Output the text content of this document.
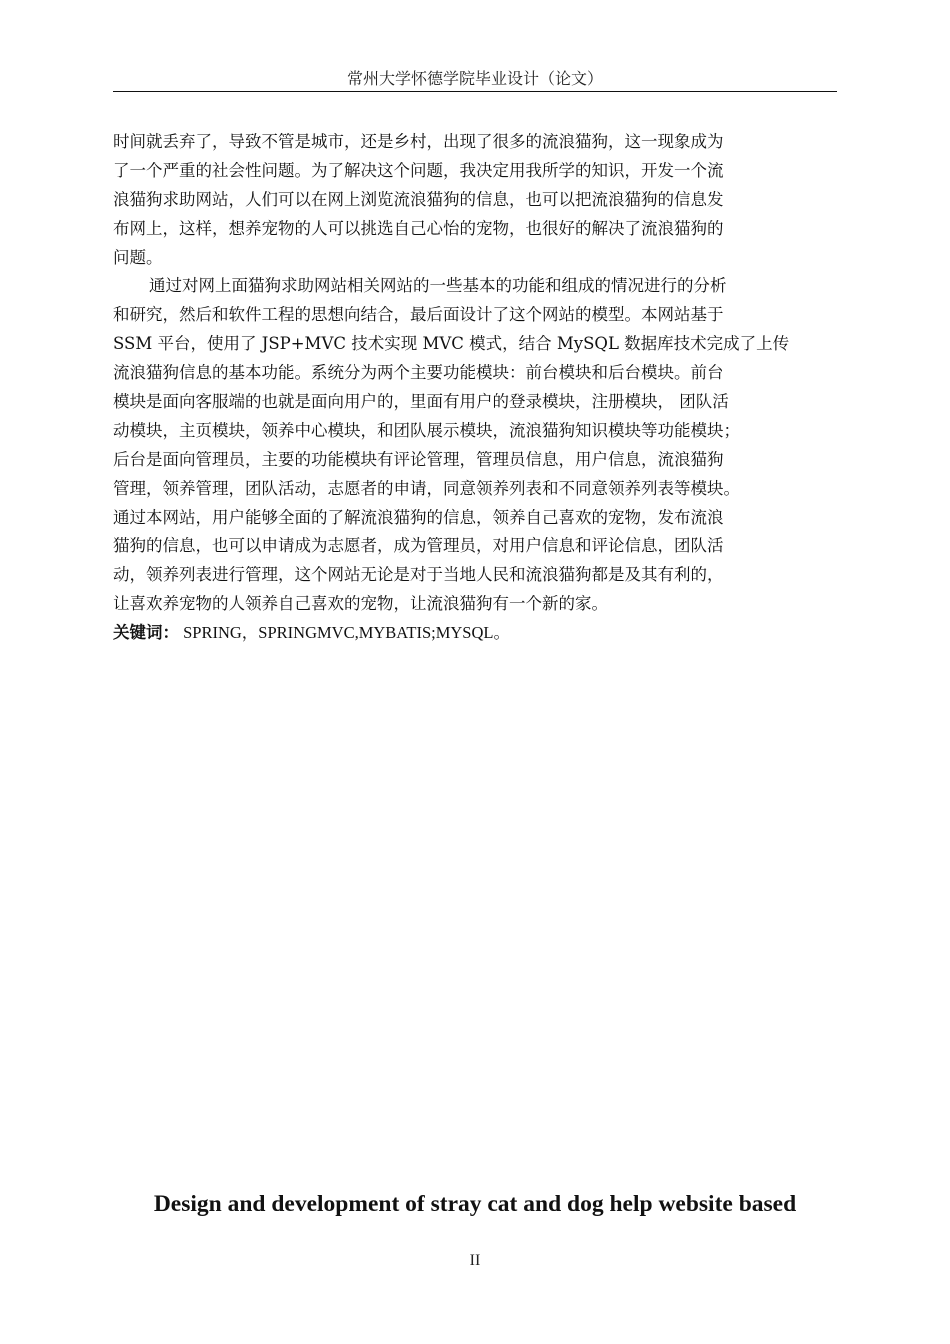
常州大学怀德学院毕业设计（论文）
时间就丢弃了，导致不管是城市，还是乡村，出现了很多的流浪猫狗，这一现象成为
了一个严重的社会性问题。为了解决这个问题，我决定用我所学的知识，开发一个流
浪猫狗求助网站，人们可以在网上浏览流浪猫狗的信息，也可以把流浪猫狗的信息发
布网上，这样，想养宠物的人可以挑选自己心怡的宠物，也很好的解决了流浪猫狗的
问题。
通过对网上面猫狗求助网站相关网站的一些基本的功能和组成的情况进行的分析
和研究，然后和软件工程的思想向结合，最后面设计了这个网站的模型。本网站基于
SSM 平台，使用了 JSP+MVC 技术实现 MVC 模式，结合 MySQL 数据库技术完成了上传
流浪猫狗信息的基本功能。系统分为两个主要功能模块：前台模块和后台模块。前台
模块是面向客服端的也就是面向用户的，里面有用户的登录模块，注册模块， 团队活
动模块，主页模块，领养中心模块，和团队展示模块，流浪猫狗知识模块等功能模块；
后台是面向管理员，主要的功能模块有评论管理，管理员信息，用户信息，流浪猫狗
管理，领养管理，团队活动，志愿者的申请，同意领养列表和不同意领养列表等模块。
通过本网站，用户能够全面的了解流浪猫狗的信息，领养自己喜欢的宠物，发布流浪
猫狗的信息，也可以申请成为志愿者，成为管理员，对用户信息和评论信息，团队活
动，领养列表进行管理，这个网站无论是对于当地人民和流浪猫狗都是及其有利的，
让喜欢养宠物的人领养自己喜欢的宠物，让流浪猫狗有一个新的家。
关键词： SPRING，SPRINGMVC,MYBATIS;MYSQL。
Design and development of stray cat and dog help website based
II
